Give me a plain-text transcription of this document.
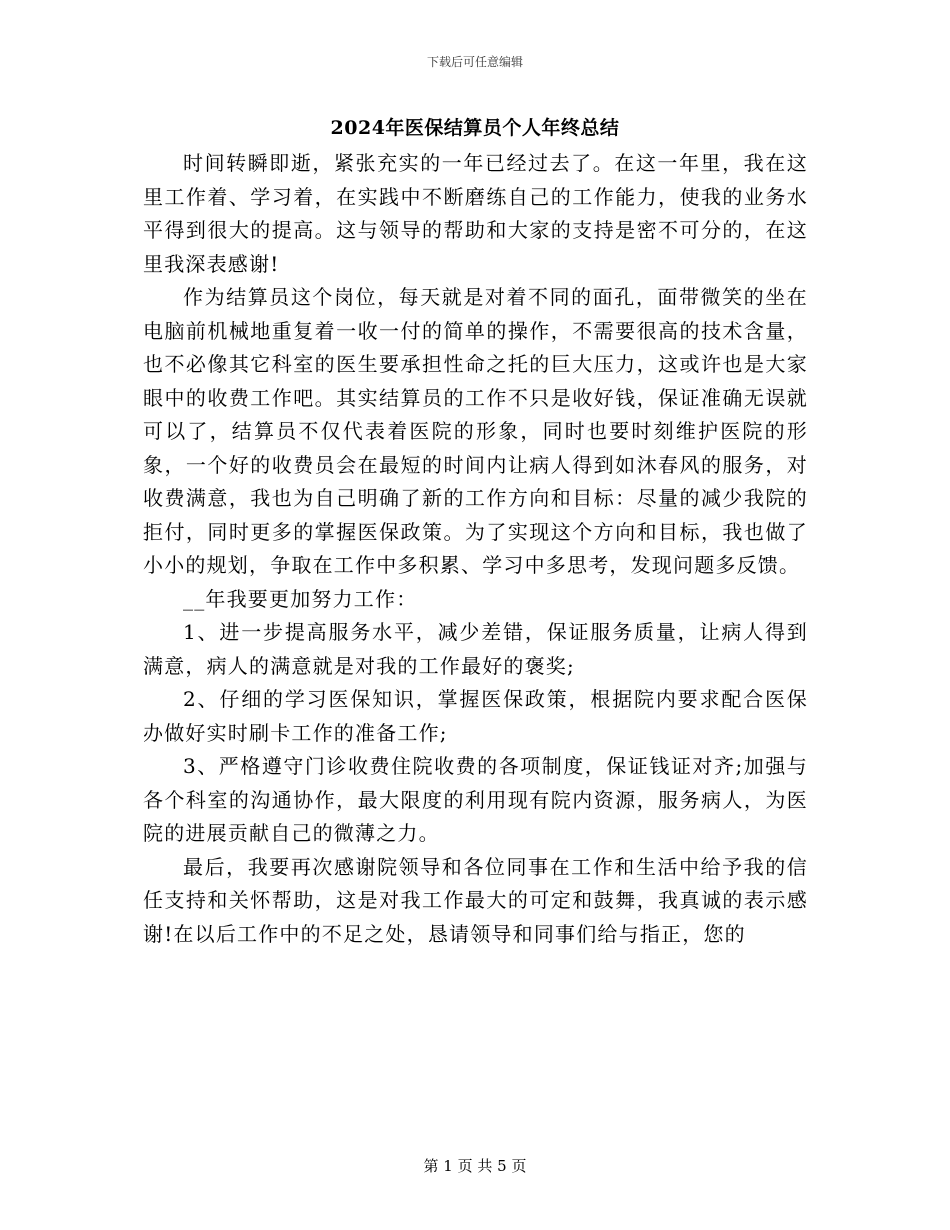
下载后可任意编辑
2024年医保结算员个人年终总结

时间转瞬即逝，紧张充实的一年已经过去了。在这一年里，我在这里工作着、学习着，在实践中不断磨练自己的工作能力，使我的业务水平得到很大的提高。这与领导的帮助和大家的支持是密不可分的，在这里我深表感谢!

作为结算员这个岗位，每天就是对着不同的面孔，面带微笑的坐在电脑前机械地重复着一收一付的简单的操作，不需要很高的技术含量，也不必像其它科室的医生要承担性命之托的巨大压力，这或许也是大家眼中的收费工作吧。其实结算员的工作不只是收好钱，保证准确无误就可以了，结算员不仅代表着医院的形象，同时也要时刻维护医院的形象，一个好的收费员会在最短的时间内让病人得到如沐春风的服务，对收费满意，我也为自己明确了新的工作方向和目标：尽量的减少我院的拒付，同时更多的掌握医保政策。为了实现这个方向和目标，我也做了小小的规划，争取在工作中多积累、学习中多思考，发现问题多反馈。

__年我要更加努力工作：

1、进一步提高服务水平，减少差错，保证服务质量，让病人得到满意，病人的满意就是对我的工作最好的褒奖;

2、仔细的学习医保知识，掌握医保政策，根据院内要求配合医保办做好实时刷卡工作的准备工作;

3、严格遵守门诊收费住院收费的各项制度，保证钱证对齐;加强与各个科室的沟通协作，最大限度的利用现有院内资源，服务病人，为医院的进展贡献自己的微薄之力。

最后，我要再次感谢院领导和各位同事在工作和生活中给予我的信任支持和关怀帮助，这是对我工作最大的可定和鼓舞，我真诚的表示感谢!在以后工作中的不足之处，恳请领导和同事们给与指正，您的

第 1 页 共 5 页
